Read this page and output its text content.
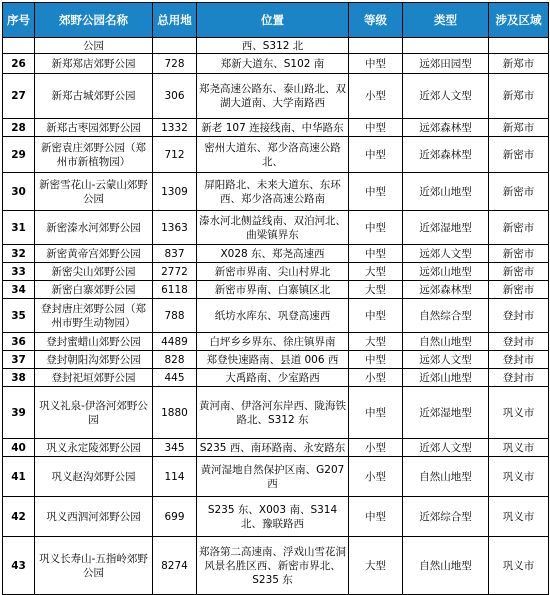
序号	郊野公园名称	总用地	位置	等级	类型	涉及区域
	公园		西、S312 北			
26	新郑郑店郊野公园	728	郑新大道东、S102 南	中型	远郊田园型	新郑市
27	新郑古城郊野公园	306	郑尧高速公路东、泰山路北、双湖大道南、大学南路西	小型	近郊人文型	新郑市
28	新郑古枣园郊野公园	1332	新老 107 连接线南、中华路东	中型	远郊森林型	新郑市
29	新密袁庄郊野公园（郑州市新植物园）	712	密州大道东、郑少洛高速公路北、	中型	近郊森林型	新密市
30	新密雪花山-云蒙山郊野公园	1309	屏阳路北、未来大道东、东环西、郑少洛高速公路南	中型	近郊山地型	新密市
31	新密溱水河郊野公园	1363	溱水河北侧益线南、双泊河北、曲梁镇界东	中型	近郊湿地型	新密市
32	新密黄帝宫郊野公园	837	X028 东、郑尧高速西	中型	远郊人文型	新密市
33	新密尖山郊野公园	2772	新密市界南、尖山村界北	大型	远郊山地型	新密市
34	新密白寨郊野公园	6118	新密市界南、白寨镇区北	大型	远郊森林型	新密市
35	登封唐庄郊野公园（郑州市野生动物园）	788	纸坊水库东、巩登高速西	中型	自然综合型	登封市
36	登封蜜蜡山郊野公园	4489	白坪乡乡界东、徐庄镇界南	大型	自然山地型	登封市
37	登封朝阳沟郊野公园	828	郑登快速路南、县道 006 西	中型	远郊人文型	登封市
38	登封祀垣郊野公园	445	大禹路南、少室路西	小型	近郊山地型	登封市
39	巩义礼泉-伊洛河郊野公园	1880	黄河南、伊洛河东岸西、陇海铁路北、S312 东	中型	近郊湿地型	巩义市
40	巩义永定陵郊野公园	345	S235 西、南环路南、永安路东	小型	近郊人文型	巩义市
41	巩义赵沟郊野公园	114	黄河湿地自然保护区南、G207西	小型	自然山地型	巩义市
42	巩义西泗河郊野公园	699	S235 东、X003 南、S314 北、豫联路西	中型	近郊综合型	巩义市
43	巩义长寿山-五指岭郊野公园	8274	郑洛第二高速南、浮戏山雪花洞风景名胜区西、新密市界北、S235 东	大型	自然山地型	巩义市
